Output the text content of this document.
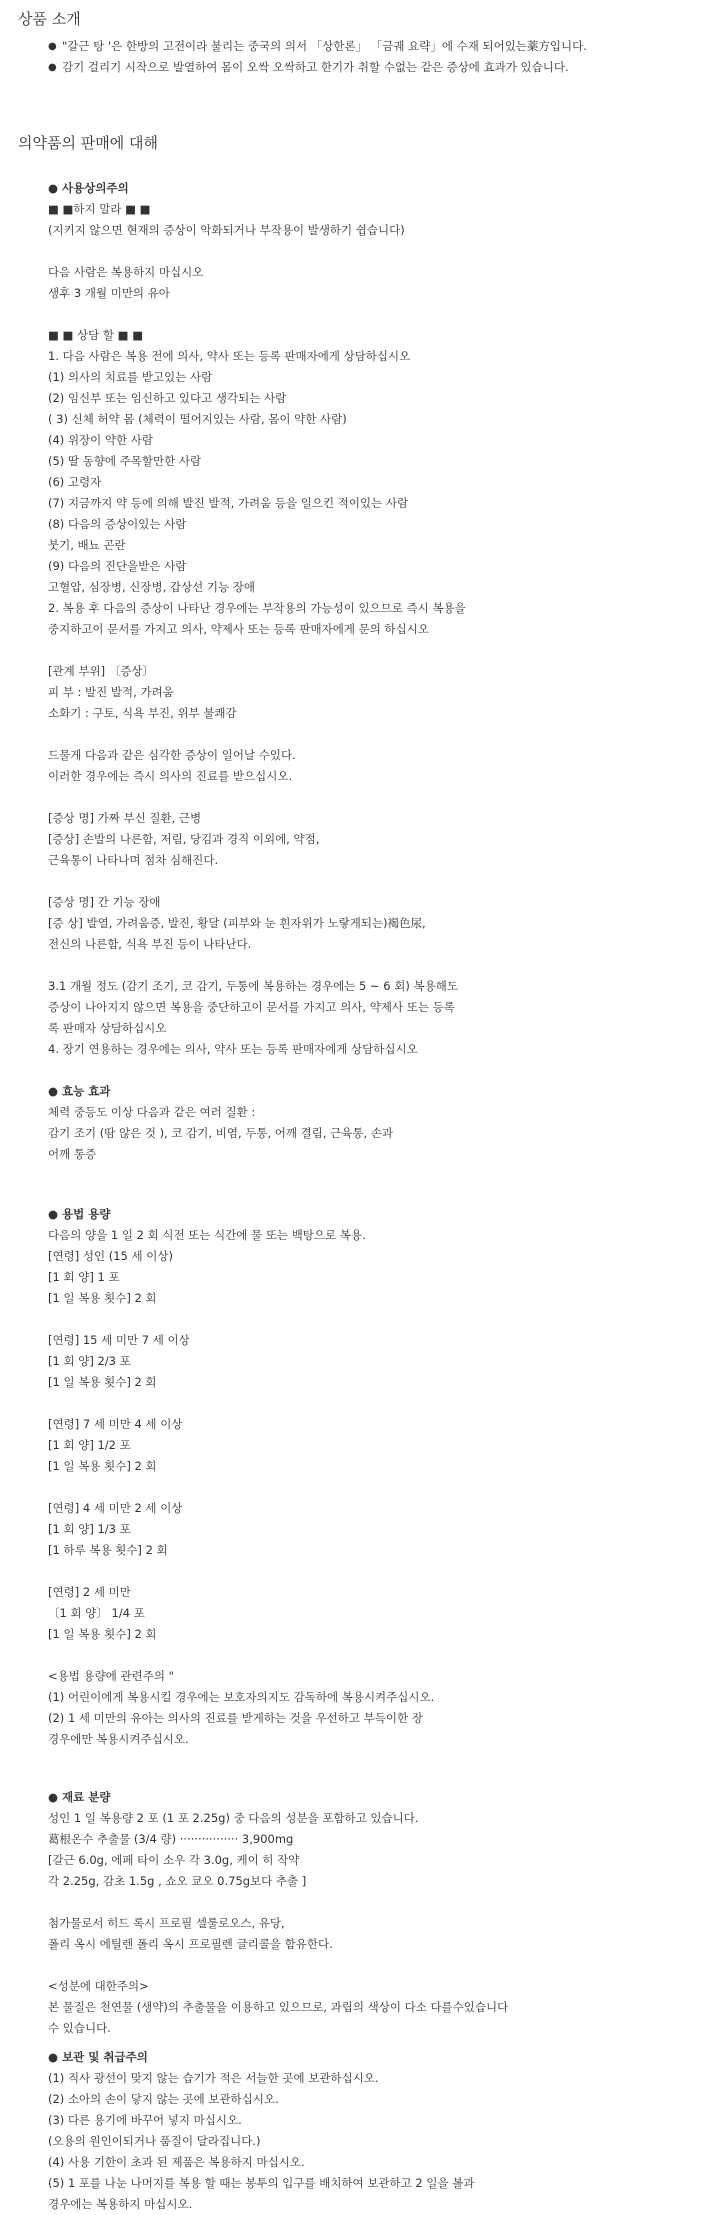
상품 소개
● "갈근 탕 '은 한방의 고전이라 불리는 중국의 의서 「상한론」 「금궤 요략」에 수재 되어있는薬方입니다.
● 감기 걸리기 시작으로 발열하여 몸이 오싹 오싹하고 한기가 취할 수없는 같은 증상에 효과가 있습니다.
의약품의 판매에 대해
● 사용상의주의
■ ■하지 말라 ■ ■
(지키지 않으면 현재의 증상이 악화되거나 부작용이 발생하기 쉽습니다)
다음 사람은 복용하지 마십시오
생후 3 개월 미만의 유아
■ ■ 상담 할 ■ ■
1. 다음 사람은 복용 전에 의사, 약사 또는 등록 판매자에게 상담하십시오
(1) 의사의 치료를 받고있는 사람
(2) 임신부 또는 임신하고 있다고 생각되는 사람
( 3) 신체 허약 몸 (체력이 떨어지있는 사람, 몸이 약한 사람)
(4) 위장이 약한 사람
(5) 딸 동향에 주목할만한 사람
(6) 고령자
(7) 지금까지 약 등에 의해 발진 발적, 가려움 등을 일으킨 적이있는 사람
(8) 다음의 증상이있는 사람
붓기, 배뇨 곤란
(9) 다음의 진단을받은 사람
고혈압, 심장병, 신장병, 갑상선 기능 장애
2. 복용 후 다음의 증상이 나타난 경우에는 부작용의 가능성이 있으므로 즉시 복용을
중지하고이 문서를 가지고 의사, 약제사 또는 등록 판매자에게 문의 하십시오
[관계 부위] 〔증상〕
피 부 : 발진 발적, 가려움
소화기 : 구토, 식욕 부진, 위부 불쾌감
드물게 다음과 같은 심각한 증상이 일어날 수있다.
이러한 경우에는 즉시 의사의 진료를 받으십시오.
[증상 명] 가짜 부신 질환, 근병
[증상] 손발의 나른함, 저림, 당김과 경직 이외에, 약점,
근육통이 나타나며 점차 심해진다.
[증상 명] 간 기능 장애
[증 상] 발열, 가려움증, 발진, 황달 (피부와 눈 흰자위가 노랗게되는)褐色尿,
전신의 나른함, 식욕 부진 등이 나타난다.
3.1 개월 정도 (감기 조기, 코 감기, 두통에 복용하는 경우에는 5 ~ 6 회) 복용해도
증상이 나아지지 않으면 복용을 중단하고이 문서를 가지고 의사, 약제사 또는 등록
록 판매자 상담하십시오
4. 장기 연용하는 경우에는 의사, 약사 또는 등록 판매자에게 상담하십시오
● 효능 효과
체력 중등도 이상 다음과 같은 여러 질환 :
감기 조기 (땀 않은 것 ), 코 감기, 비염, 두통, 어깨 결림, 근육통, 손과
어깨 통증
● 용법 용량
다음의 양을 1 일 2 회 식전 또는 식간에 물 또는 백탕으로 복용.
[연령] 성인 (15 세 이상)
[1 회 양] 1 포
[1 일 복용 횟수] 2 회
[연령] 15 세 미만 7 세 이상
[1 회 양] 2/3 포
[1 일 복용 횟수] 2 회
[연령] 7 세 미만 4 세 이상
[1 회 양] 1/2 포
[1 일 복용 횟수] 2 회
[연령] 4 세 미만 2 세 이상
[1 회 양] 1/3 포
[1 하루 복용 횟수] 2 회
[연령] 2 세 미만
〔1 회 양〕 1/4 포
[1 일 복용 횟수] 2 회
<용법 용량에 관련주의 "
(1) 어린이에게 복용시킬 경우에는 보호자의지도 감독하에 복용시켜주십시오.
(2) 1 세 미만의 유아는 의사의 진료를 받게하는 것을 우선하고 부득이한 장
경우에만 복용시켜주십시오.
● 재료 분량
성인 1 일 복용량 2 포 (1 포 2.25g) 중 다음의 성분을 포함하고 있습니다.
葛根온수 추출물 (3/4 량) ················ 3,900mg
[갈근 6.0g, 에페 타이 소우 각 3.0g, 케이 히 작약
각 2.25g, 감초 1.5g , 쇼오 쿄오 0.75g보다 추출 ]
첨가물로서 히드 록시 프로필 셀룰로오스, 유당,
폴리 옥시 에틸렌 폴리 옥시 프로필렌 글리콜을 함유한다.
<성분에 대한주의>
본 물질은 천연물 (생약)의 추출물을 이용하고 있으므로, 과립의 색상이 다소 다를수있습니다
수 있습니다.
● 보관 및 취급주의
(1) 직사 광선이 맞지 않는 습기가 적은 서늘한 곳에 보관하십시오.
(2) 소아의 손이 닿지 않는 곳에 보관하십시오.
(3) 다른 용기에 바꾸어 넣지 마십시오.
(오용의 원인이되거나 품질이 달라집니다.)
(4) 사용 기한이 초과 된 제품은 복용하지 마십시오.
(5) 1 포를 나눈 나머지를 복용 할 때는 봉투의 입구를 배치하여 보관하고 2 일을 볼과
경우에는 복용하지 마십시오.
